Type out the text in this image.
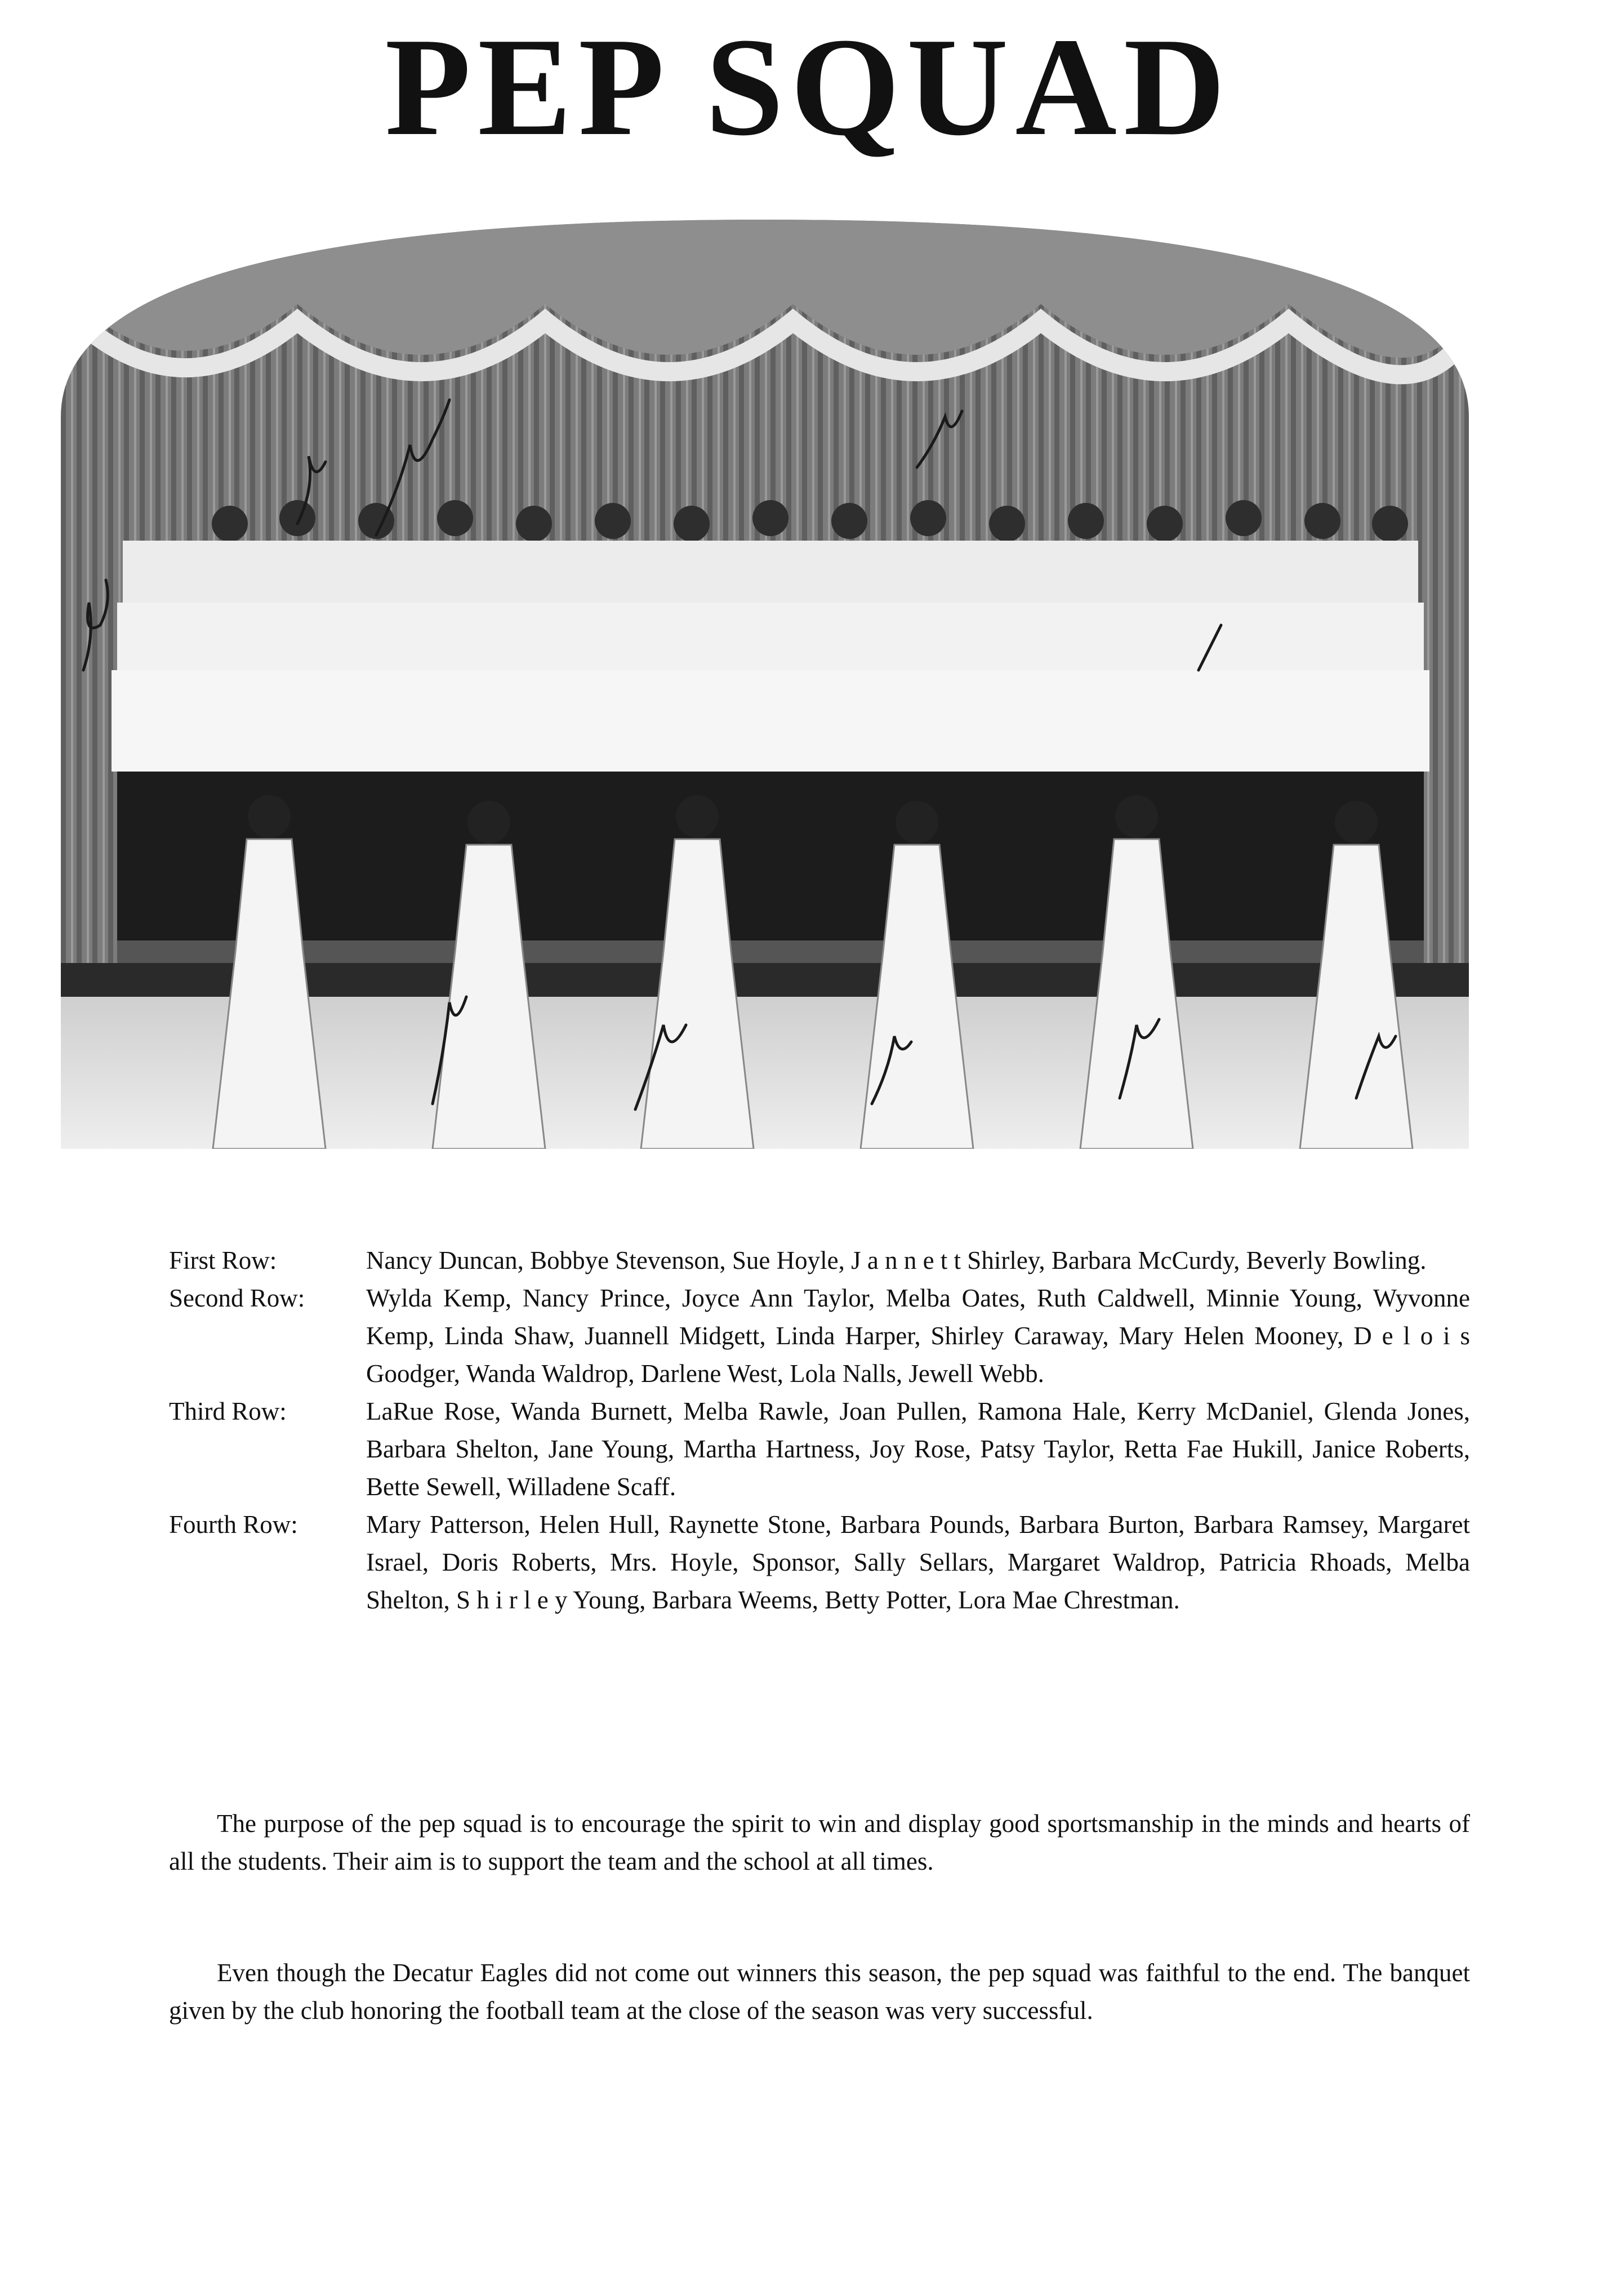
PEP SQUAD
First Row:	Nancy Duncan, Bobbye Stevenson, Sue Hoyle, J a n n e t t Shirley, Barbara McCurdy, Beverly Bowling.
Second Row:	Wylda Kemp, Nancy Prince, Joyce Ann Taylor, Melba Oates, Ruth Caldwell, Minnie Young, Wyvonne Kemp, Linda Shaw, Juannell Midgett, Linda Harper, Shirley Caraway, Mary Helen Mooney, D e l o i s Goodger, Wanda Waldrop, Darlene West, Lola Nalls, Jewell Webb.
Third Row:	LaRue Rose, Wanda Burnett, Melba Rawle, Joan Pullen, Ramona Hale, Kerry McDaniel, Glenda Jones, Barbara Shelton, Jane Young, Martha Hartness, Joy Rose, Patsy Taylor, Retta Fae Hukill, Janice Roberts, Bette Sewell, Willadene Scaff.
Fourth Row:	Mary Patterson, Helen Hull, Raynette Stone, Barbara Pounds, Barbara Burton, Barbara Ramsey, Margaret Israel, Doris Roberts, Mrs. Hoyle, Sponsor, Sally Sellars, Margaret Waldrop, Patricia Rhoads, Melba Shelton, S h i r l e y Young, Barbara Weems, Betty Potter, Lora Mae Chrestman.

The purpose of the pep squad is to encourage the spirit to win and display good sportsmanship in the minds and hearts of all the students. Their aim is to support the team and the school at all times.

Even though the Decatur Eagles did not come out winners this season, the pep squad was faithful to the end. The banquet given by the club honoring the football team at the close of the season was very successful.
